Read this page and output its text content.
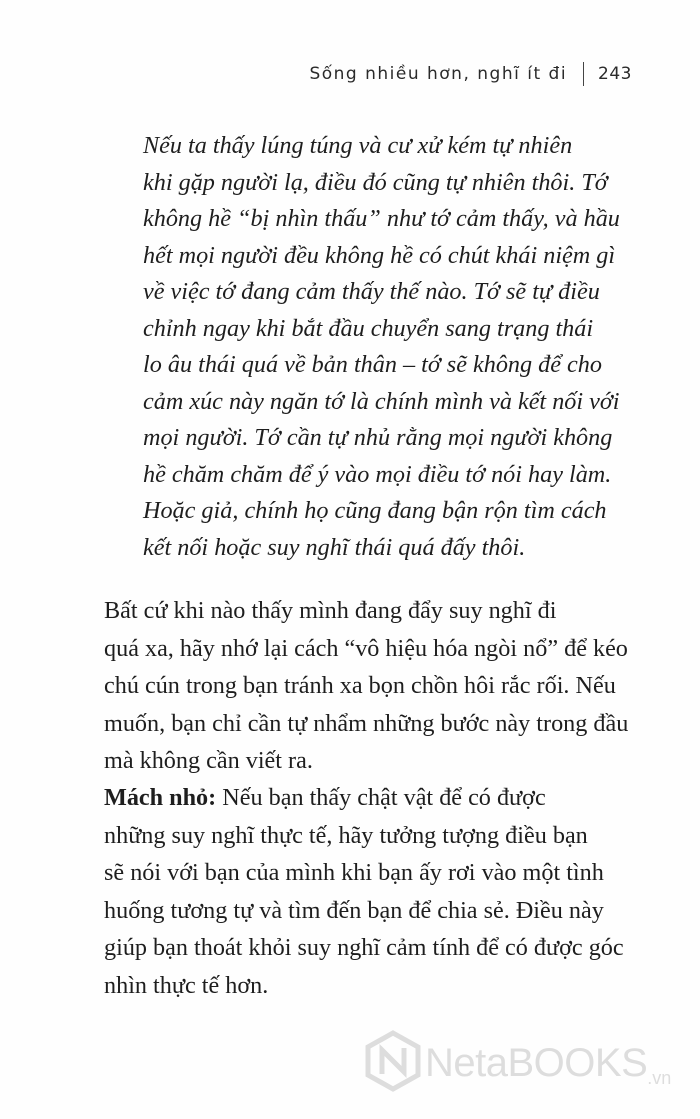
Sống nhiều hơn, nghĩ ít đi 243
Nếu ta thấy lúng túng và cư xử kém tự nhiên
khi gặp người lạ, điều đó cũng tự nhiên thôi. Tớ
không hề “bị nhìn thấu” như tớ cảm thấy, và hầu
hết mọi người đều không hề có chút khái niệm gì
về việc tớ đang cảm thấy thế nào. Tớ sẽ tự điều
chỉnh ngay khi bắt đầu chuyển sang trạng thái
lo âu thái quá về bản thân – tớ sẽ không để cho
cảm xúc này ngăn tớ là chính mình và kết nối với
mọi người. Tớ cần tự nhủ rằng mọi người không
hề chăm chăm để ý vào mọi điều tớ nói hay làm.
Hoặc giả, chính họ cũng đang bận rộn tìm cách
kết nối hoặc suy nghĩ thái quá đấy thôi.
Bất cứ khi nào thấy mình đang đẩy suy nghĩ đi
quá xa, hãy nhớ lại cách “vô hiệu hóa ngòi nổ” để kéo
chú cún trong bạn tránh xa bọn chồn hôi rắc rối. Nếu
muốn, bạn chỉ cần tự nhẩm những bước này trong đầu
mà không cần viết ra.
Mách nhỏ: Nếu bạn thấy chật vật để có được
những suy nghĩ thực tế, hãy tưởng tượng điều bạn
sẽ nói với bạn của mình khi bạn ấy rơi vào một tình
huống tương tự và tìm đến bạn để chia sẻ. Điều này
giúp bạn thoát khỏi suy nghĩ cảm tính để có được góc
nhìn thực tế hơn.
NetaBOOKS .vn
